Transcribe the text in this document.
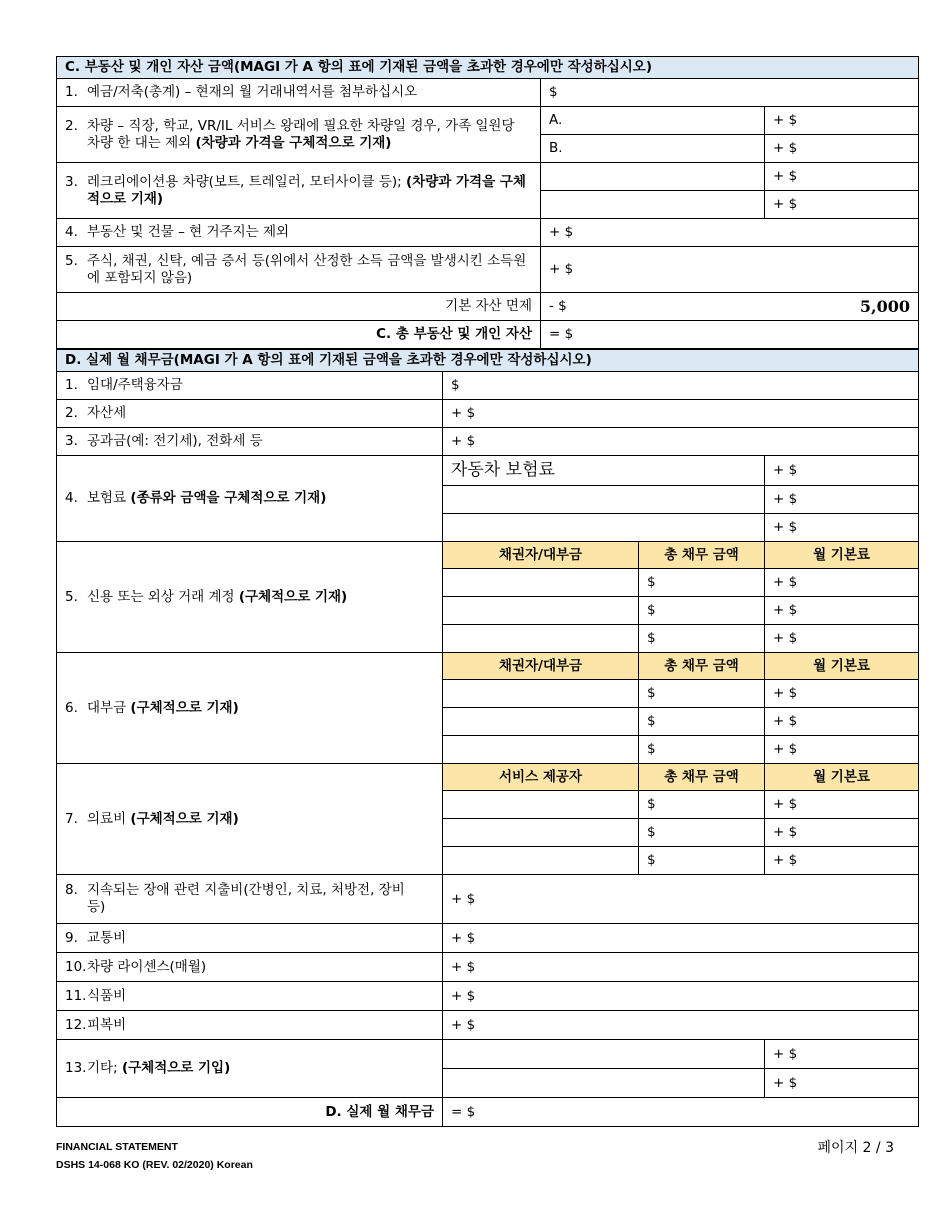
C. 부동산 및 개인 자산 금액(MAGI 가 A 항의 표에 기재된 금액을 초과한 경우에만 작성하십시오)		
1. 예금/저축(총계) – 현재의 월 거래내역서를 첨부하십시오	$	
2. 차량 – 직장, 학교, VR/IL 서비스 왕래에 필요한 차량일 경우, 가족 일원당 차량 한 대는 제외 (차량과 가격을 구체적으로 기재)	A.	+ $
	B.	+ $
3. 레크리에이션용 차량(보트, 트레일러, 모터사이클 등); (차량과 가격을 구체적으로 기재)		+ $
		+ $
4. 부동산 및 건물 – 현 거주지는 제외	+ $	
5. 주식, 채권, 신탁, 예금 증서 등(위에서 산정한 소득 금액을 발생시킨 소득원에 포함되지 않음)	+ $	
기본 자산 면제	- $ 5,000	

C. 총 부동산 및 개인 자산	= $	
D. 실제 월 채무금(MAGI 가 A 항의 표에 기재된 금액을 초과한 경우에만 작성하십시오)			
1. 임대/주택융자금	$		
2. 자산세	+ $		
3. 공과금(예: 전기세), 전화세 등	+ $		
4. 보험료 (종류와 금액을 구체적으로 기재)	자동차 보험료		+ $
			+ $
			+ $
5. 신용 또는 외상 거래 계정 (구체적으로 기재)	채권자/대부금	총 채무 금액	월 기본료
		$	+ $
		$	+ $
		$	+ $
6. 대부금 (구체적으로 기재)	채권자/대부금	총 채무 금액	월 기본료
		$	+ $
		$	+ $
		$	+ $
7. 의료비 (구체적으로 기재)	서비스 제공자	총 채무 금액	월 기본료
		$	+ $
		$	+ $
		$	+ $
8. 지속되는 장애 관련 지출비(간병인, 치료, 처방전, 장비 등)	+ $		
9. 교통비	+ $		
10.차량 라이센스(매월)	+ $		
11.식품비	+ $		
12.피복비	+ $		
13.기타; (구체적으로 기입)			+ $
			+ $
D. 실제 월 채무금	= $		
FINANCIAL STATEMENT
DSHS 14-068 KO (REV. 02/2020) Korean
페이지 2 / 3
